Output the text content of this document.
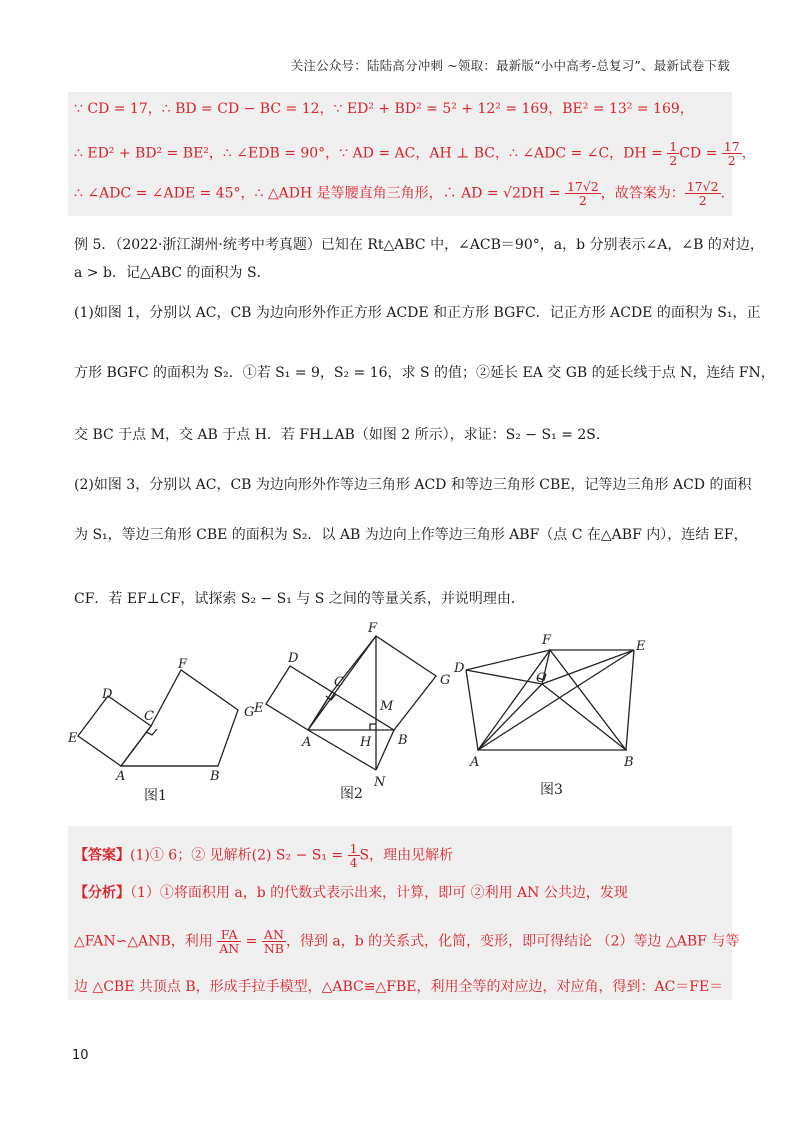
关注公众号：陆陆高分冲刺 ~领取：最新版“小中高考-总复习”、最新试卷下载
∵ CD = 17，∴ BD = CD − BC = 12，∵ ED² + BD² = 5² + 12² = 169，BE² = 13² = 169，
∴ ED² + BD² = BE²，∴ ∠EDB = 90°，∵ AD = AC，AH ⊥ BC，∴ ∠ADC = ∠C，DH = $\frac{1}{2}$ CD = $\frac{17}{2}$ ，
∴ ∠ADC = ∠ADE = 45°，∴ △ADH 是等腰直角三角形，∴ AD = $√2DH = \frac{17√2}{2}$ ，故答案为： $\frac{17√2}{2}$ .
例 5．（2022·浙江湖州·统考中考真题）已知在 Rt△ABC 中，∠ACB＝90°，a，b 分别表示∠A，∠B 的对边，
a > b．记△ABC 的面积为 S．
(1)如图 1，分别以 AC，CB 为边向形外作正方形 ACDE 和正方形 BGFC．记正方形 ACDE 的面积为 S₁，正
方形 BGFC 的面积为 S₂．①若 S₁ = 9，S₂ = 16，求 S 的值；②延长 EA 交 GB 的延长线于点 N，连结 FN，
交 BC 于点 M，交 AB 于点 H．若 FH⊥AB（如图 2 所示），求证：S₂ − S₁ = 2S．
(2)如图 3，分别以 AC，CB 为边向形外作等边三角形 ACD 和等边三角形 CBE，记等边三角形 ACD 的面积
为 S₁，等边三角形 CBE 的面积为 S₂．以 AB 为边向上作等边三角形 ABF（点 C 在△ABF 内），连结 EF，
CF．若 EF⊥CF，试探索 S₂ − S₁ 与 S 之间的等量关系，并说明理由．
D
F
C	G
E
A	B
图1
D
F
C
M
G
E
A	H B
N
图2
F	E
D
C
A	B
图3
【答案】(1)① 6；② 见解析(2) $S_2 - S_1 = \frac{1}{4}$ S，理由见解析
【分析】（1）①将面积用 a，b 的代数式表示出来，计算，即可 ②利用 AN 公共边，发现
△FAN∽△ANB，利用 $\frac{FA}{AN} = \frac{AN}{NB}$ ，得到 a，b 的关系式，化简，变形，即可得结论 （2）等边 △ABF 与等
边 △CBE 共顶点 B，形成手拉手模型，△ABC≌△FBE，利用全等的对应边，对应角，得到：AC＝FE＝
10
